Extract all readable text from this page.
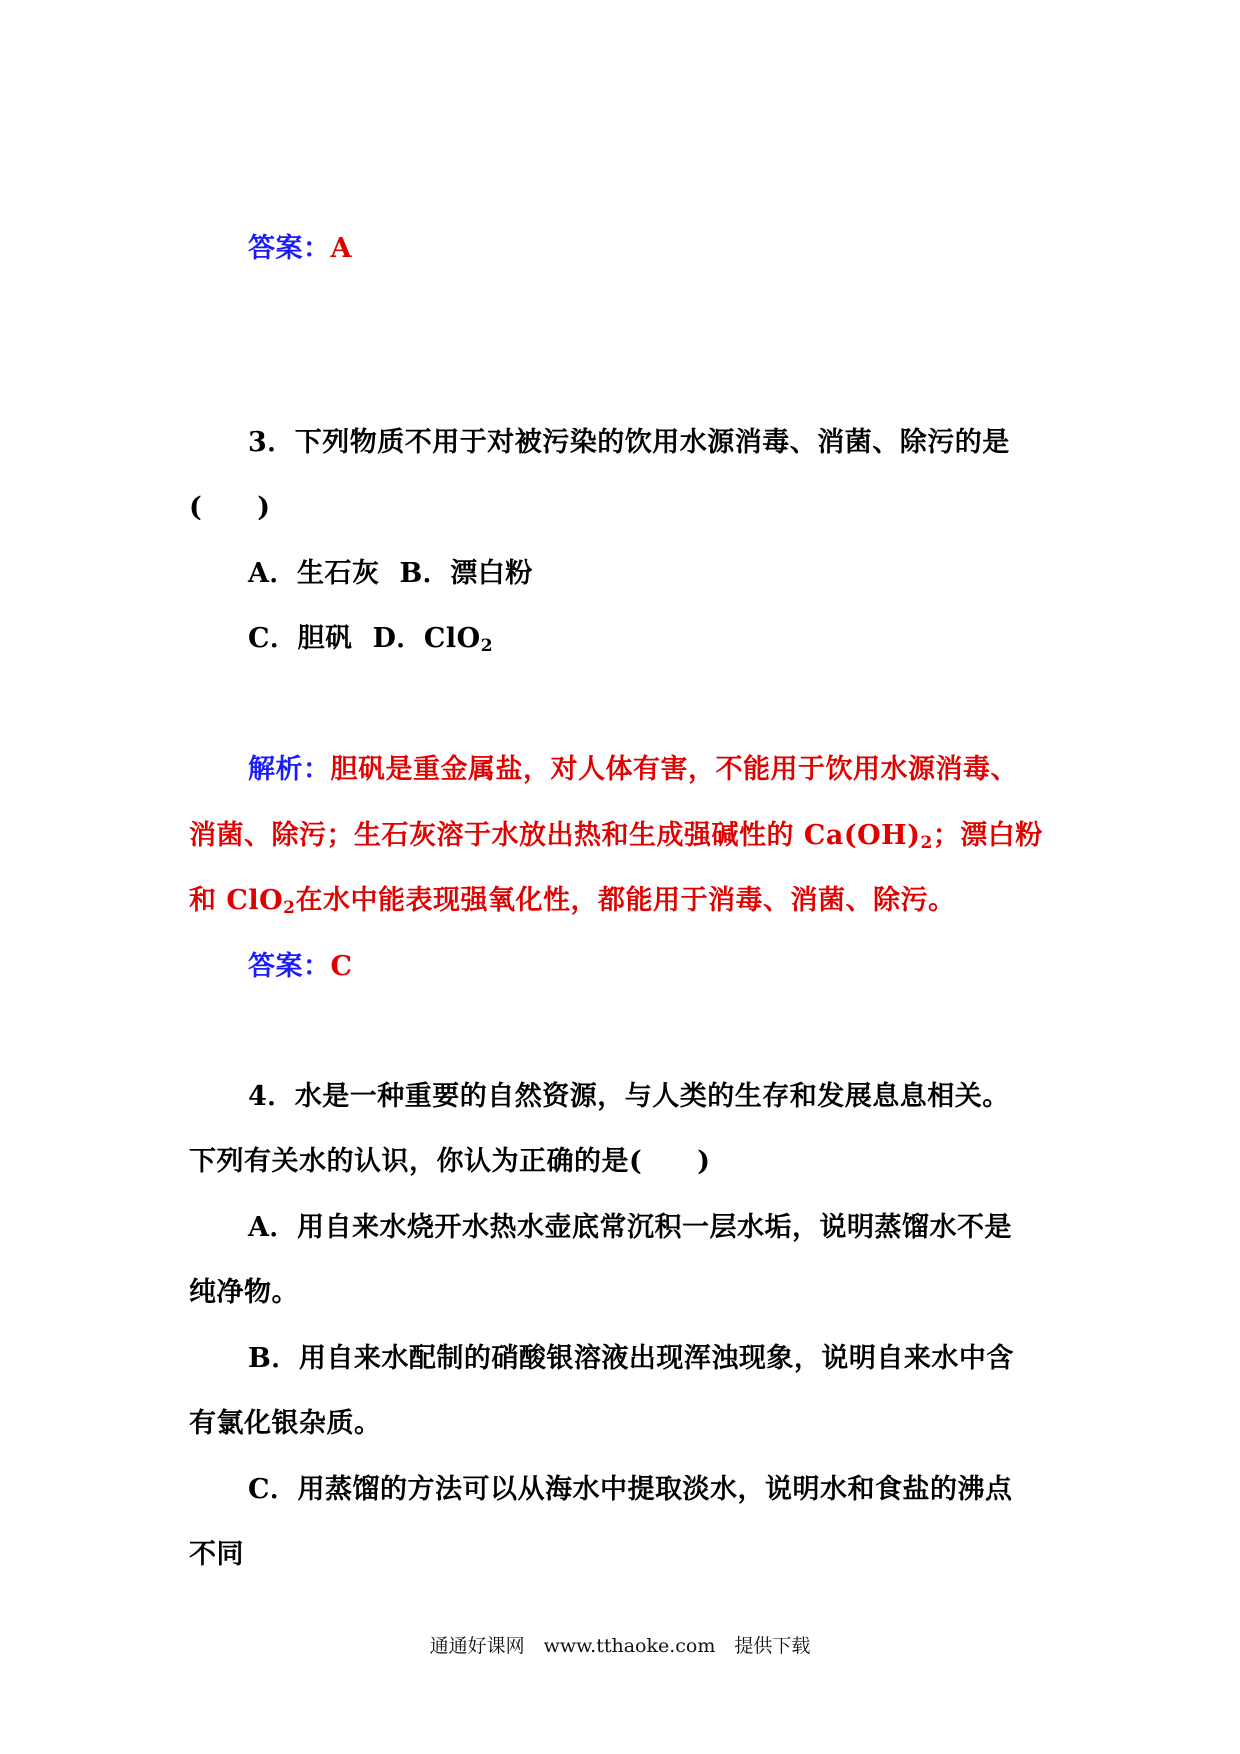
答案：A
3．下列物质不用于对被污染的饮用水源消毒、消菌、除污的是
(　　)
A．生石灰 B．漂白粉
C．胆矾 D．ClO$_2$
解析：胆矾是重金属盐，对人体有害，不能用于饮用水源消毒、
消菌、除污；生石灰溶于水放出热和生成强碱性的 $Ca(OH)_2$；漂白粉
和 ClO$_2$在水中能表现强氧化性，都能用于消毒、消菌、除污。
答案：C
4．水是一种重要的自然资源，与人类的生存和发展息息相关。
下列有关水的认识，你认为正确的是(　　)
A．用自来水烧开水热水壶底常沉积一层水垢，说明蒸馏水不是
纯净物。
B．用自来水配制的硝酸银溶液出现浑浊现象，说明自来水中含
有氯化银杂质。
C．用蒸馏的方法可以从海水中提取淡水，说明水和食盐的沸点
不同
通通好课网　www.tthaoke.com　提供下载
